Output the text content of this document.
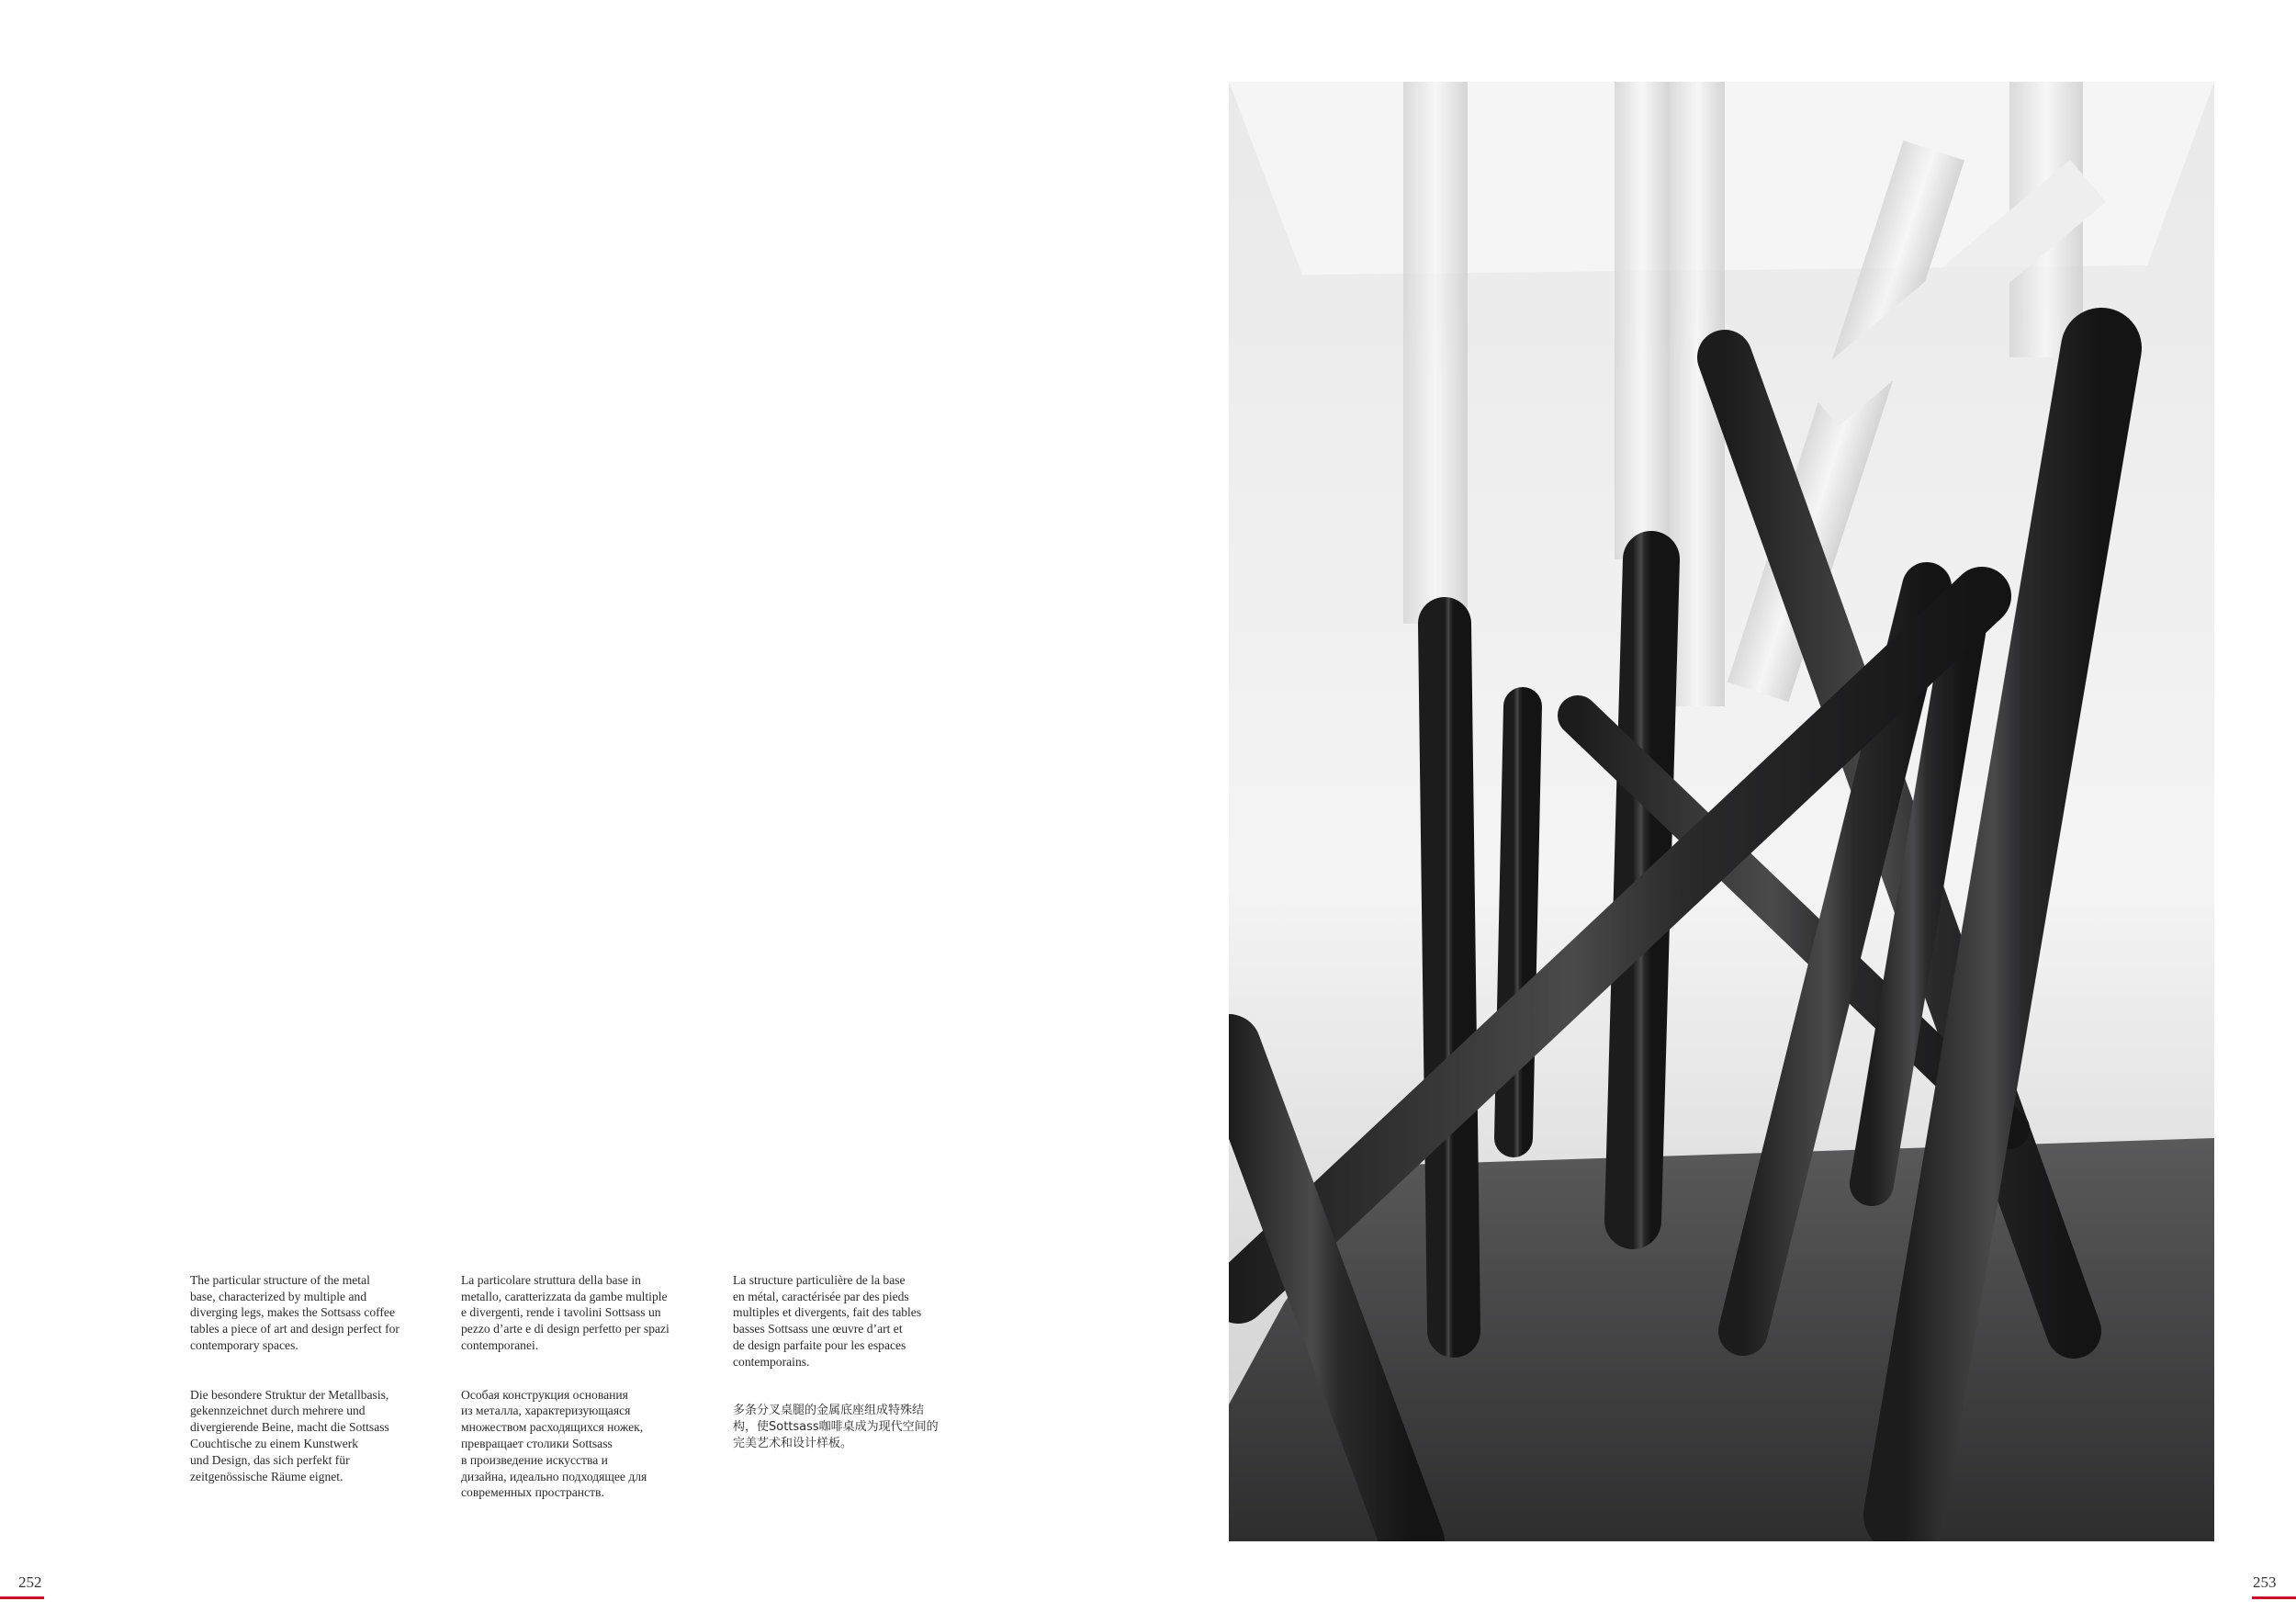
The particular structure of the metal
base, characterized by multiple and
diverging legs, makes the Sottsass coffee
tables a piece of art and design perfect for
contemporary spaces.

Die besondere Struktur der Metallbasis,
gekennzeichnet durch mehrere und
divergierende Beine, macht die Sottsass
Couchtische zu einem Kunstwerk
und Design, das sich perfekt für
zeitgenössische Räume eignet.

La particolare struttura della base in
metallo, caratterizzata da gambe multiple
e divergenti, rende i tavolini Sottsass un
pezzo d’arte e di design perfetto per spazi
contemporanei.

Особая конструкция основания
из металла, характеризующаяся
множеством расходящихся ножек,
превращает столики Sottsass
в произведение искусства и
дизайна, идеально подходящее для
современных пространств.

La structure particulière de la base
en métal, caractérisée par des pieds
multiples et divergents, fait des tables
basses Sottsass une œuvre d’art et
de design parfaite pour les espaces
contemporains.

多条分叉桌腿的金属底座组成特殊结
构，使Sottsass咖啡桌成为现代空间的
完美艺术和设计样板。

252	253
